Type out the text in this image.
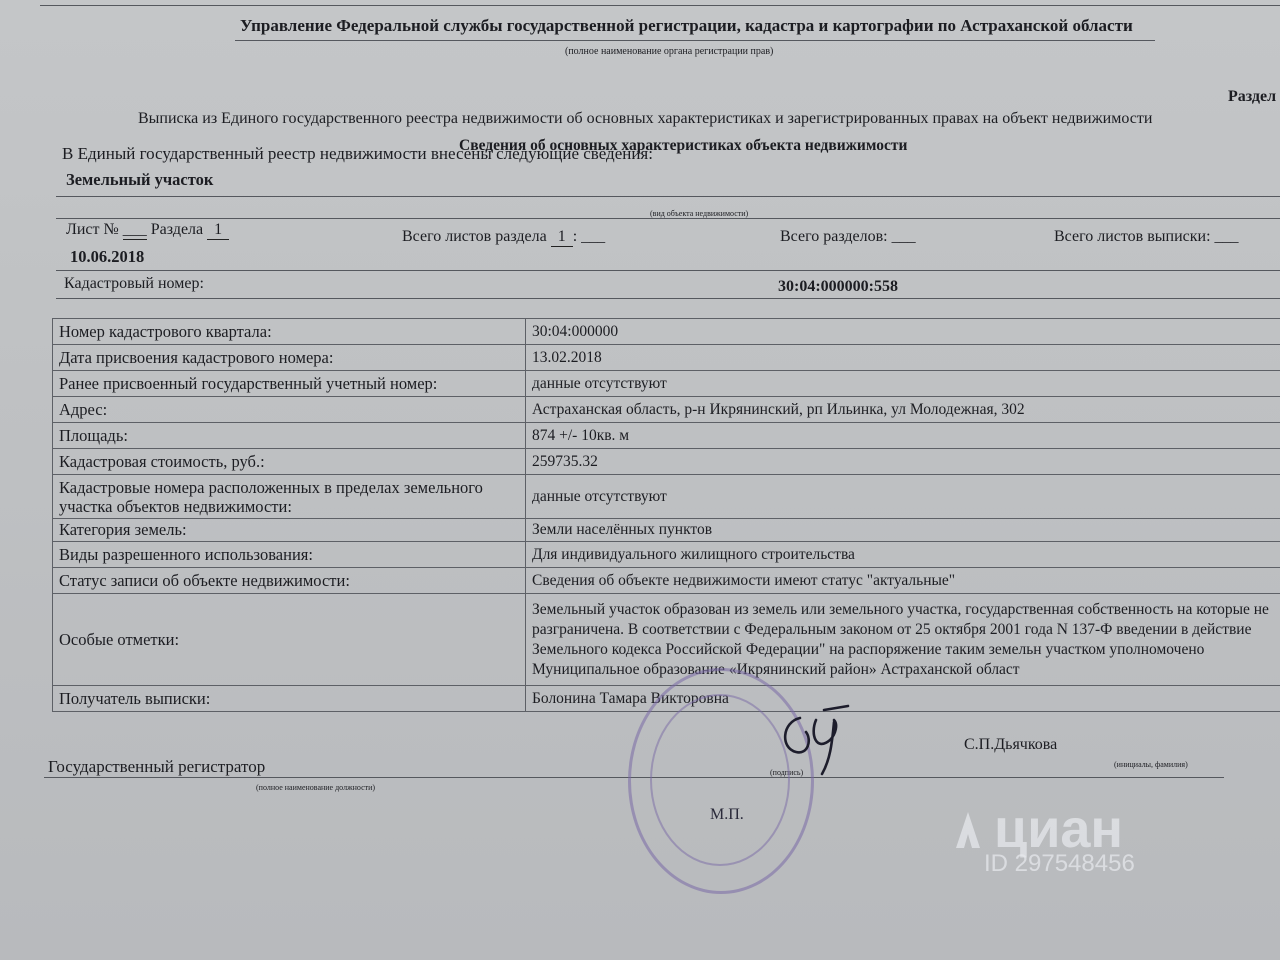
Управление Федеральной службы государственной регистрации, кадастра и картографии по Астраханской области
(полное наименование органа регистрации прав)
Раздел
Выписка из Единого государственного реестра недвижимости об основных характеристиках и зарегистрированных правах на объект недвижимости
Сведения об основных характеристиках объекта недвижимости
В Единый государственный реестр недвижимости внесены следующие сведения:
Земельный участок
(вид объекта недвижимости)
Лист № ___ Раздела 1	Всего листов раздела 1 : ___	Всего разделов: ___	Всего листов выписки: ___
10.06.2018
Кадастровый номер:	30:04:000000:558
Номер кадастрового квартала:	30:04:000000
Дата присвоения кадастрового номера:	13.02.2018
Ранее присвоенный государственный учетный номер:	данные отсутствуют
Адрес:	Астраханская область, р-н Икрянинский, рп Ильинка, ул Молодежная, 302
Площадь:	874 +/- 10кв. м
Кадастровая стоимость, руб.:	259735.32
Кадастровые номера расположенных в пределах земельного участка объектов недвижимости:	данные отсутствуют
Категория земель:	Земли населённых пунктов
Виды разрешенного использования:	Для индивидуального жилищного строительства
Статус записи об объекте недвижимости:	Сведения об объекте недвижимости имеют статус "актуальные"
Особые отметки:	Земельный участок образован из земель или земельного участка, государственная собственность на которые не разграничена. В соответствии с Федеральным законом от 25 октября 2001 года N 137-Ф введении в действие Земельного кодекса Российской Федерации" на распоряжение таким земельн участком уполномочено Муниципальное образование «Икрянинский район» Астраханской област
Получатель выписки:	Болонина Тамара Викторовна
С.П.Дьячкова
Государственный регистратор	(подпись)
(инициалы, фамилия)
(полное наименование должности)
М.П.	циан
ID 297548456
